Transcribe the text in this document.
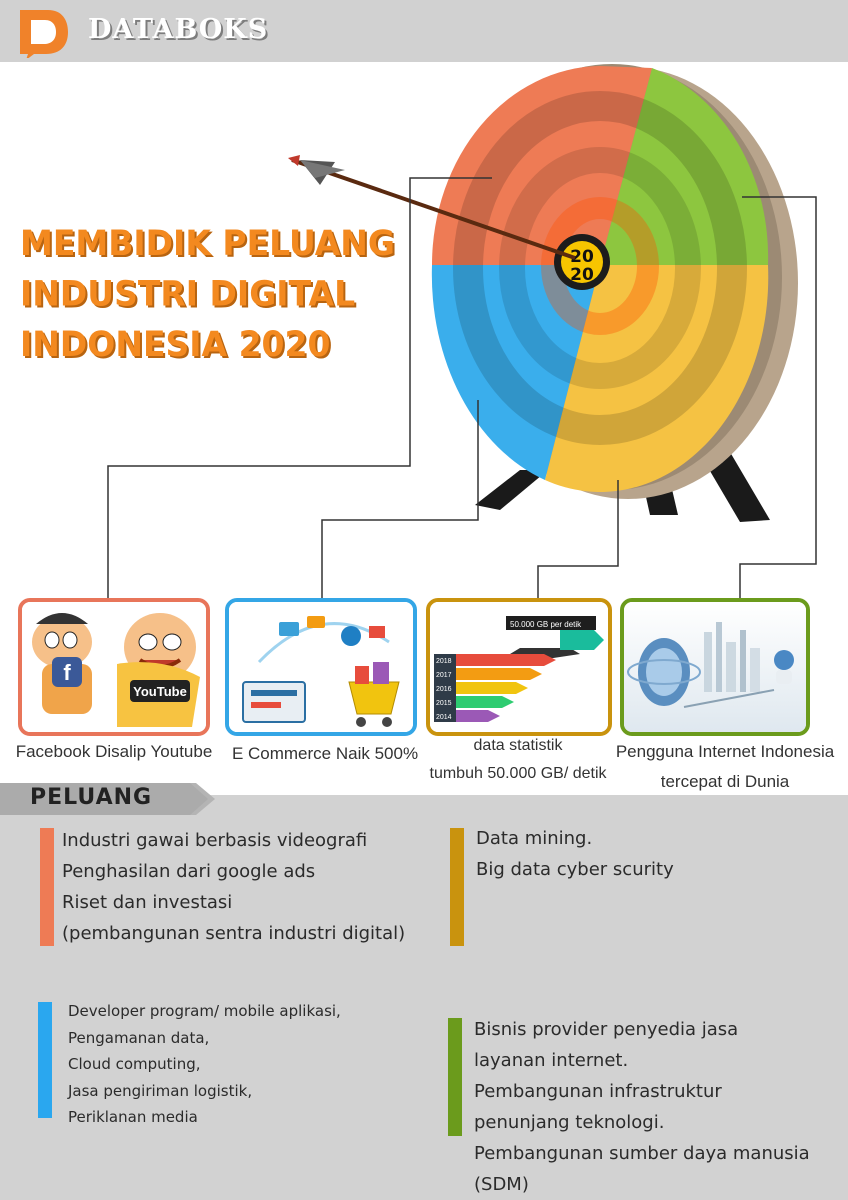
DATABOKS
20
20
MEMBIDIK PELUANG
INDUSTRI DIGITAL
INDONESIA 2020
f
YouTube
Facebook Disalip Youtube	E Commerce Naik 500%
50.000 GB per detik
2018
2017
2016
2015
2014
data statistik
tumbuh 50.000 GB/ detik
Pengguna Internet Indonesia
tercepat di Dunia
PELUANG
Industri gawai berbasis videografi
Penghasilan dari google ads
Riset dan investasi
(pembangunan sentra industri digital)
Data mining.
Big data cyber scurity
Developer program/ mobile aplikasi,
Pengamanan data,
Cloud computing,
Jasa pengiriman logistik,
Periklanan media
Bisnis provider penyedia jasa
layanan internet.
Pembangunan infrastruktur
penunjang teknologi.
Pembangunan sumber daya manusia
(SDM)
